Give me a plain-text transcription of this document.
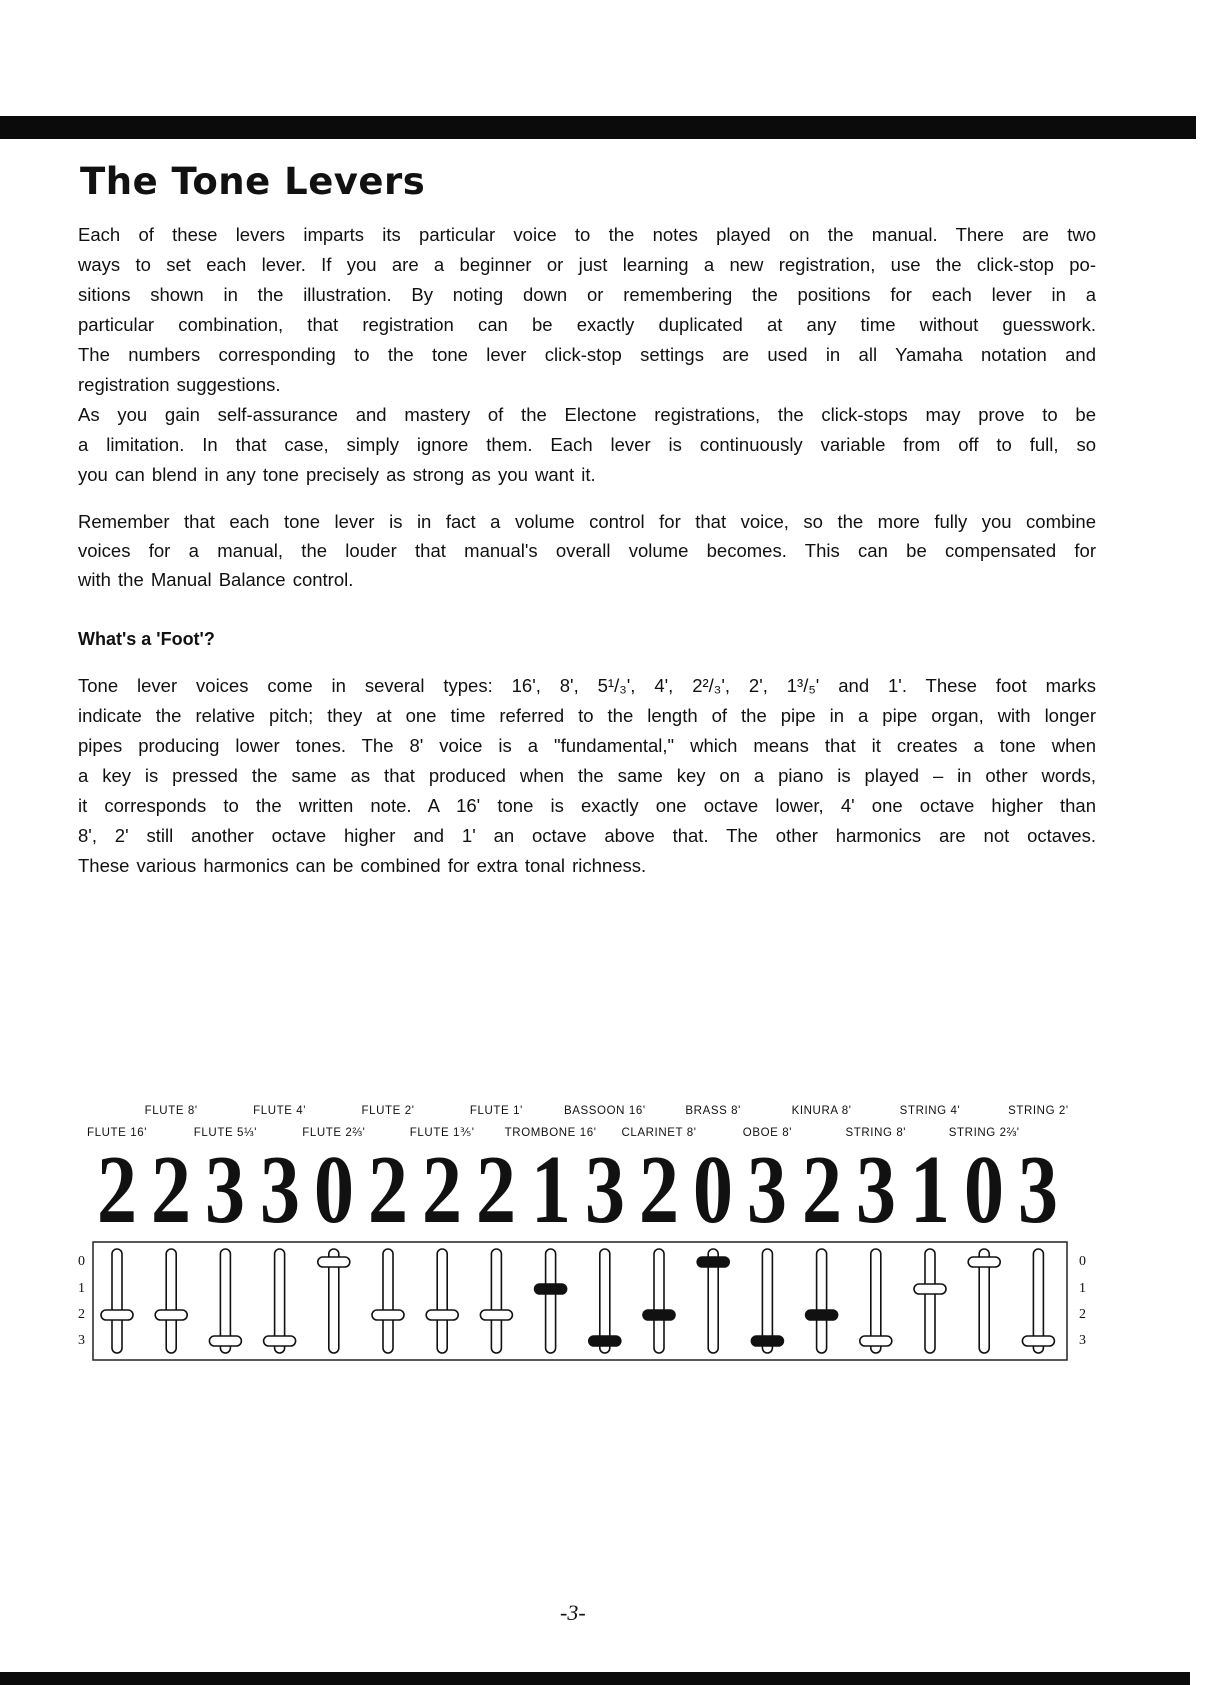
The Tone Levers
Each of these levers imparts its particular voice to the notes played on the manual. There are two
ways to set each lever. If you are a beginner or just learning a new registration, use the click-stop po-
sitions shown in the illustration. By noting down or remembering the positions for each lever in a
particular combination, that registration can be exactly duplicated at any time without guesswork.
The numbers corresponding to the tone lever click-stop settings are used in all Yamaha notation and
registration suggestions.
As you gain self-assurance and mastery of the Electone registrations, the click-stops may prove to be
a limitation. In that case, simply ignore them. Each lever is continuously variable from off to full, so
you can blend in any tone precisely as strong as you want it.
Remember that each tone lever is in fact a volume control for that voice, so the more fully you combine
voices for a manual, the louder that manual's overall volume becomes. This can be compensated for
with the Manual Balance control.
What's a 'Foot'?
Tone lever voices come in several types: 16', 8', 5¹/₃', 4', 2²/₃', 2', 1³/₅' and 1'. These foot marks
indicate the relative pitch; they at one time referred to the length of the pipe in a pipe organ, with longer
pipes producing lower tones. The 8' voice is a "fundamental," which means that it creates a tone when
a key is pressed the same as that produced when the same key on a piano is played – in other words,
it corresponds to the written note. A 16' tone is exactly one octave lower, 4' one octave higher than
8', 2' still another octave higher and 1' an octave above that. The other harmonics are not octaves.
These various harmonics can be combined for extra tonal richness.
0	0
1	1
2	2
3	3
FLUTE 16'
2
FLUTE 8'
2
FLUTE 5⅓'
3
FLUTE 4'
3
FLUTE 2⅔'
0
FLUTE 2'
2
FLUTE 1⅗'
2
FLUTE 1'
2
TROMBONE 16'
1
BASSOON 16'
3
CLARINET 8'
2
BRASS 8'
0
OBOE 8'
3
KINURA 8'
2
STRING 8'
3
STRING 4'
1
STRING 2⅔'
0
STRING 2'
3
-3-
